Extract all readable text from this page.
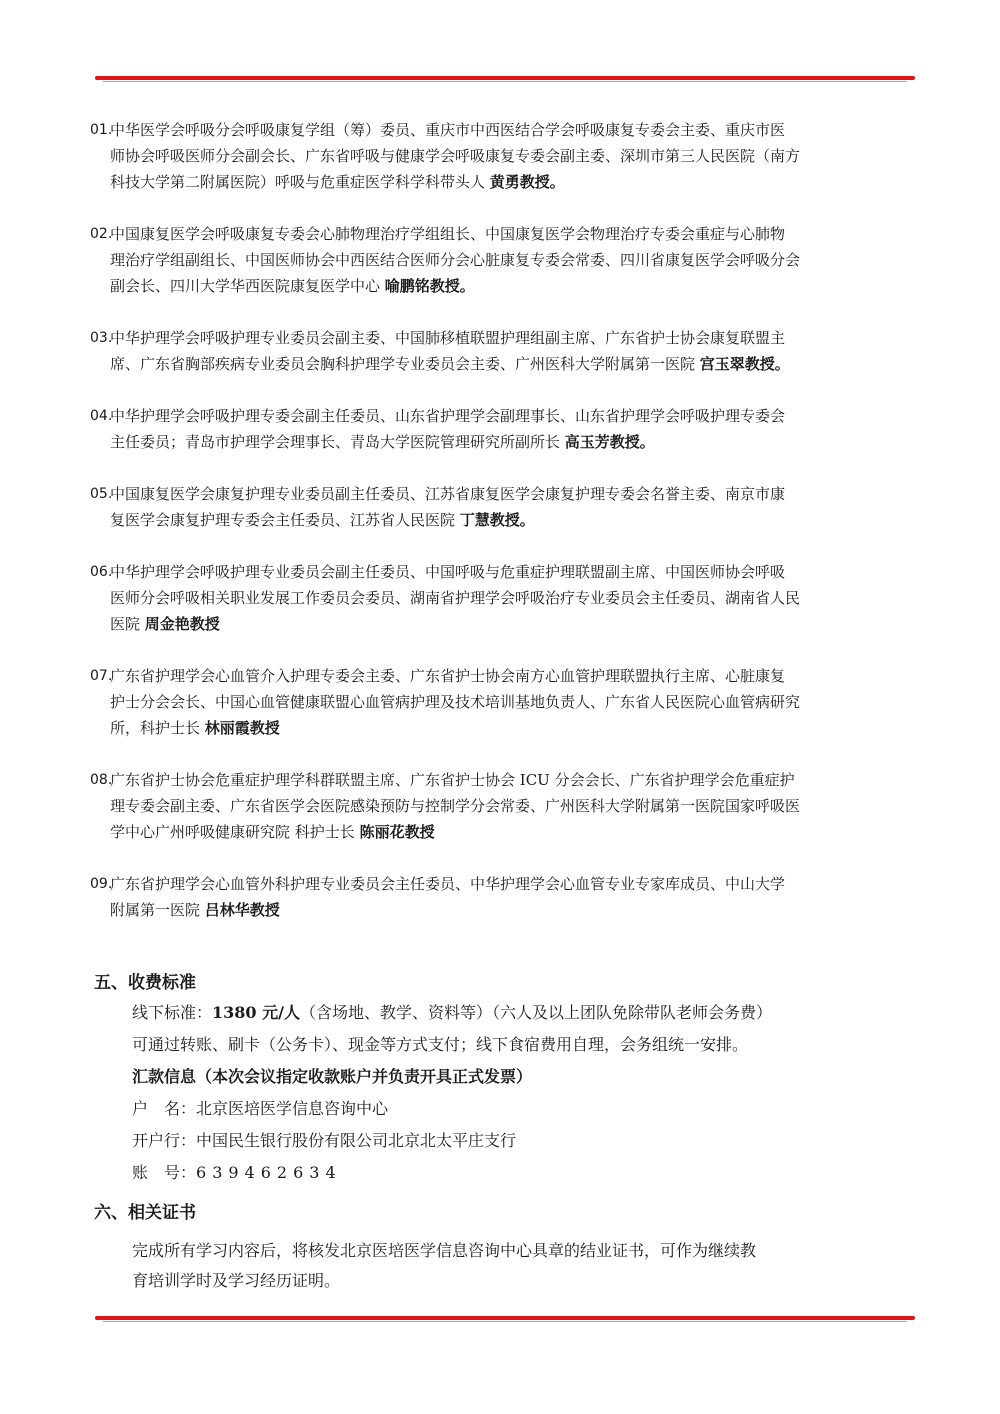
01.
中华医学会呼吸分会呼吸康复学组（筹）委员、重庆市中西医结合学会呼吸康复专委会主委、重庆市医
师协会呼吸医师分会副会长、广东省呼吸与健康学会呼吸康复专委会副主委、深圳市第三人民医院（南方
科技大学第二附属医院）呼吸与危重症医学科学科带头人 黄勇教授。
02.
中国康复医学会呼吸康复专委会心肺物理治疗学组组长、中国康复医学会物理治疗专委会重症与心肺物
理治疗学组副组长、中国医师协会中西医结合医师分会心脏康复专委会常委、四川省康复医学会呼吸分会
副会长、四川大学华西医院康复医学中心 喻鹏铭教授。
03.
中华护理学会呼吸护理专业委员会副主委、中国肺移植联盟护理组副主席、广东省护士协会康复联盟主
席、广东省胸部疾病专业委员会胸科护理学专业委员会主委、广州医科大学附属第一医院 宫玉翠教授。
04.
中华护理学会呼吸护理专委会副主任委员、山东省护理学会副理事长、山东省护理学会呼吸护理专委会
主任委员；青岛市护理学会理事长、青岛大学医院管理研究所副所长 高玉芳教授。
05.
中国康复医学会康复护理专业委员副主任委员、江苏省康复医学会康复护理专委会名誉主委、南京市康
复医学会康复护理专委会主任委员、江苏省人民医院 丁慧教授。
06.
中华护理学会呼吸护理专业委员会副主任委员、中国呼吸与危重症护理联盟副主席、中国医师协会呼吸
医师分会呼吸相关职业发展工作委员会委员、湖南省护理学会呼吸治疗专业委员会主任委员、湖南省人民
医院 周金艳教授
07.
广东省护理学会心血管介入护理专委会主委、广东省护士协会南方心血管护理联盟执行主席、心脏康复
护士分会会长、中国心血管健康联盟心血管病护理及技术培训基地负责人、广东省人民医院心血管病研究
所，科护士长 林丽霞教授
08.
广东省护士协会危重症护理学科群联盟主席、广东省护士协会 ICU 分会会长、广东省护理学会危重症护
理专委会副主委、广东省医学会医院感染预防与控制学分会常委、广州医科大学附属第一医院国家呼吸医
学中心广州呼吸健康研究院 科护士长 陈丽花教授
09.
广东省护理学会心血管外科护理专业委员会主任委员、中华护理学会心血管专业专家库成员、中山大学
附属第一医院 吕林华教授
五、收费标准
线下标准：1380 元/人（含场地、教学、资料等）（六人及以上团队免除带队老师会务费）
可通过转账、刷卡（公务卡）、现金等方式支付；线下食宿费用自理，会务组统一安排。
汇款信息（本次会议指定收款账户并负责开具正式发票）
户　名：北京医培医学信息咨询中心
开户行：中国民生银行股份有限公司北京北太平庄支行
账　号：639462634
六、相关证书
完成所有学习内容后，将核发北京医培医学信息咨询中心具章的结业证书，可作为继续教
育培训学时及学习经历证明。
